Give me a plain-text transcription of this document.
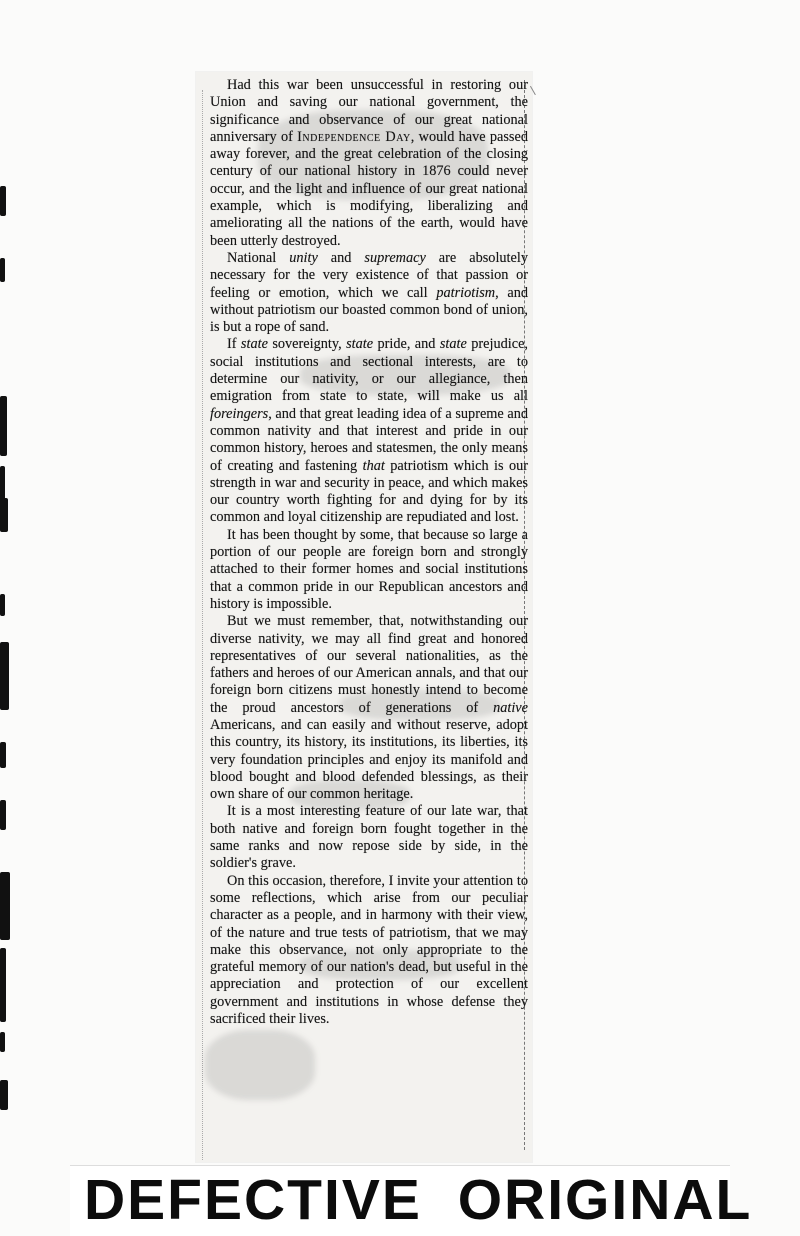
Had this war been unsuccessful in restoring our Union and saving our national government, the significance and observance of our great national anniversary of Independence Day, would have passed away forever, and the great celebration of the closing century of our national history in 1876 could never occur, and the light and influence of our great national example, which is modifying, liberalizing and ameliorating all the nations of the earth, would have been utterly destroyed.

National unity and supremacy are absolutely necessary for the very existence of that passion or feeling or emotion, which we call patriotism, and without patriotism our boasted common bond of union, is but a rope of sand.

If state sovereignty, state pride, and state prejudice, social institutions and sectional interests, are to determine our nativity, or our allegiance, then emigration from state to state, will make us all foreingers, and that great leading idea of a supreme and common nativity and that interest and pride in our common history, heroes and statesmen, the only means of creating and fastening that patriotism which is our strength in war and security in peace, and which makes our country worth fighting for and dying for by its common and loyal citizenship are repudiated and lost.

It has been thought by some, that because so large a portion of our people are foreign born and strongly attached to their former homes and social institutions that a common pride in our Republican ancestors and history is impossible.

But we must remember, that, notwithstanding our diverse nativity, we may all find great and honored representatives of our several nationalities, as the fathers and heroes of our American annals, and that our foreign born citizens must honestly intend to become the proud ancestors of generations of native Americans, and can easily and without reserve, adopt this country, its history, its institutions, its liberties, its very foundation principles and enjoy its manifold and blood bought and blood defended blessings, as their own share of our common heritage.

It is a most interesting feature of our late war, that both native and foreign born fought together in the same ranks and now repose side by side, in the soldier's grave.

On this occasion, therefore, I invite your attention to some reflections, which arise from our peculiar character as a people, and in harmony with their view, of the nature and true tests of patriotism, that we may make this observance, not only appropriate to the grateful memory of our nation's dead, but useful in the appreciation and protection of our excellent government and institutions in whose defense they sacrificed their lives.

DEFECTIVE ORIGINAL
